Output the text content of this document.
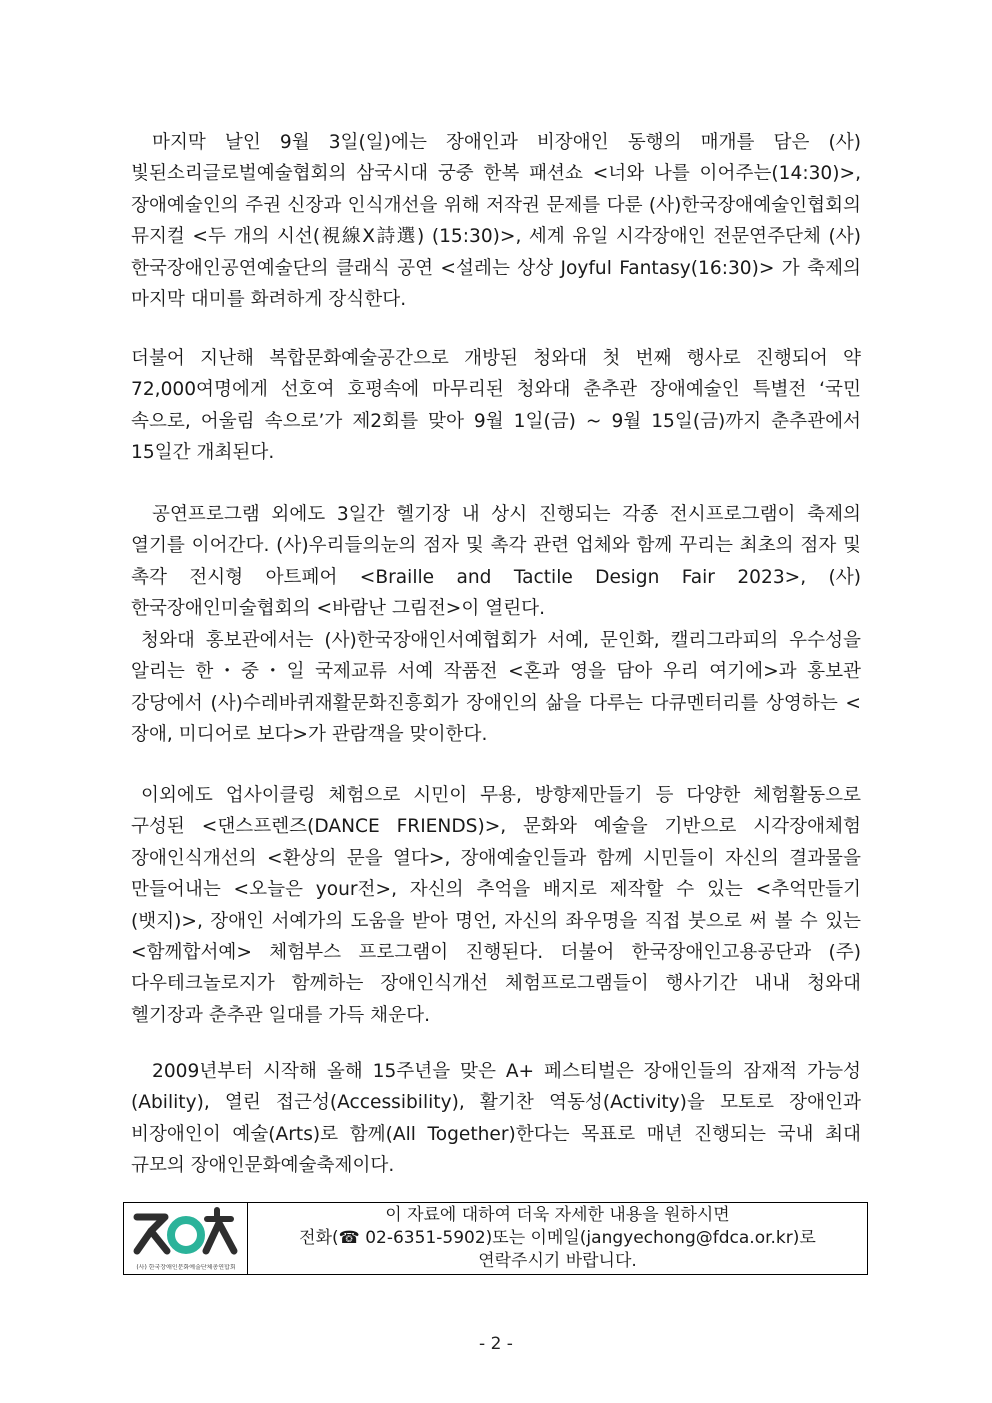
마지막 날인 9월 3일(일)에는 장애인과 비장애인 동행의 매개를 담은 (사)빛된소리글로벌예술협회의 삼국시대 궁중 한복 패션쇼 <너와 나를 이어주는(14:30)>, 장애예술인의 주권 신장과 인식개선을 위해 저작권 문제를 다룬 (사)한국장애예술인협회의 뮤지컬 <두 개의 시선(視線X詩選) (15:30)>, 세계 유일 시각장애인 전문연주단체 (사)한국장애인공연예술단의 클래식 공연 <설레는 상상 Joyful Fantasy(16:30)> 가 축제의 마지막 대미를 화려하게 장식한다.

더불어 지난해 복합문화예술공간으로 개방된 청와대 첫 번째 행사로 진행되어 약 72,000여명에게 선호여 호평속에 마무리된 청와대 춘추관 장애예술인 특별전 ‘국민 속으로, 어울림 속으로’가 제2회를 맞아 9월 1일(금) ~ 9월 15일(금)까지 춘추관에서 15일간 개최된다.

공연프로그램 외에도 3일간 헬기장 내 상시 진행되는 각종 전시프로그램이 축제의 열기를 이어간다. (사)우리들의눈의 점자 및 촉각 관련 업체와 함께 꾸리는 최초의 점자 및 촉각 전시형 아트페어 <Braille and Tactile Design Fair 2023>, (사)한국장애인미술협회의 <바람난 그림전>이 열린다.

청와대 홍보관에서는 (사)한국장애인서예협회가 서예, 문인화, 캘리그라피의 우수성을 알리는 한・중・일 국제교류 서예 작품전 <혼과 영을 담아 우리 여기에>과 홍보관 강당에서 (사)수레바퀴재활문화진흥회가 장애인의 삶을 다루는 다큐멘터리를 상영하는 <장애, 미디어로 보다>가 관람객을 맞이한다.

이외에도 업사이클링 체험으로 시민이 무용, 방향제만들기 등 다양한 체험활동으로 구성된 <댄스프렌즈(DANCE FRIENDS)>, 문화와 예술을 기반으로 시각장애체험 장애인식개선의 <환상의 문을 열다>, 장애예술인들과 함께 시민들이 자신의 결과물을 만들어내는 <오늘은 your전>, 자신의 추억을 배지로 제작할 수 있는 <추억만들기(뱃지)>, 장애인 서예가의 도움을 받아 명언, 자신의 좌우명을 직접 붓으로 써 볼 수 있는 <함께합서예> 체험부스 프로그램이 진행된다. 더불어 한국장애인고용공단과 (주)다우테크놀로지가 함께하는 장애인식개선 체험프로그램들이 행사기간 내내 청와대 헬기장과 춘추관 일대를 가득 채운다.

2009년부터 시작해 올해 15주년을 맞은 A+ 페스티벌은 장애인들의 잠재적 가능성(Ability), 열린 접근성(Accessibility), 활기찬 역동성(Activity)을 모토로 장애인과 비장애인이 예술(Arts)로 함께(All Together)한다는 목표로 매년 진행되는 국내 최대 규모의 장애인문화예술축제이다.

(사) 한국장애인문화예술단체총연합회
이 자료에 대하여 더욱 자세한 내용을 원하시면
전화(☎ 02-6351-5902)또는 이메일(jangyechong@fdca.or.kr)로
연락주시기 바랍니다.
- 2 -
